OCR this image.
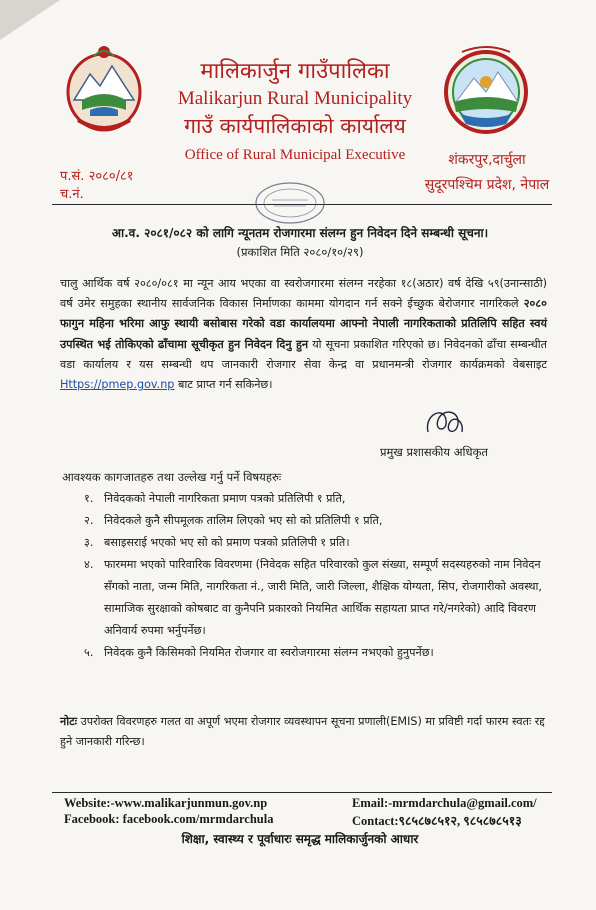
मालिकार्जुन गाउँपालिका
Malikarjun Rural Municipality
गाउँ कार्यपालिकाको कार्यालय
Office of Rural Municipal Executive
प.सं. २०८०/८१
च.नं.
शंकरपुर,दार्चुला
सुदूरपश्चिम प्रदेश, नेपाल
आ.व. २०८१/०८२ को लागि न्यूनतम रोजगारमा संलग्न हुन निवेदन दिने सम्बन्धी सूचना।
(प्रकाशित मिति २०८०/१०/२९)
चालु आर्थिक वर्ष २०८०/०८१ मा न्यून आय भएका वा स्वरोजगारमा संलग्न नरहेका १८(अठार) वर्ष देखि ५९(उनान्साठी) वर्ष उमेर समुहका स्थानीय सार्वजनिक विकास निर्माणका काममा योगदान गर्न सक्ने ईच्छुक बेरोजगार नागरिकले २०८० फागुन महिना भरिमा आफु स्थायी बसोबास गरेको वडा कार्यालयमा आफ्नो नेपाली नागरिकताको प्रतिलिपि सहित स्वयं उपस्थित भई तोकिएको ढाँचामा सूचीकृत हुन निवेदन दिनु हुन यो सूचना प्रकाशित गरिएको छ। निवेदनको ढाँचा सम्बन्धीत वडा कार्यालय र यस सम्बन्धी थप जानकारी रोजगार सेवा केन्द्र वा प्रधानमन्त्री रोजगार कार्यक्रमको वेबसाइट Https://pmep.gov.np बाट प्राप्त गर्न सकिनेछ।
प्रमुख प्रशासकीय अधिकृत
आवश्यक कागजातहरु तथा उल्लेख गर्नु पर्ने विषयहरुः
१. निवेदकको नेपाली नागरिकता प्रमाण पत्रको प्रतिलिपी १ प्रति,
२. निवेदकले कुनै सीपमूलक तालिम लिएको भए सो को प्रतिलिपी १ प्रति,
३. बसाइसराई भएको भए सो को प्रमाण पत्रको प्रतिलिपी १ प्रति।
४. फारममा भएको पारिवारिक विवरणमा (निवेदक सहित परिवारको कुल संख्या, सम्पूर्ण सदस्यहरुको नाम निवेदन सँगको नाता, जन्म मिति, नागरिकता नं., जारी मिति, जारी जिल्ला, शैक्षिक योग्यता, सिप, रोजगारीको अवस्था, सामाजिक सुरक्षाको कोषबाट वा कुनैपनि प्रकारको नियमित आर्थिक सहायता प्राप्त गरे/नगरेको) आदि विवरण अनिवार्य रुपमा भर्नुपर्नेछ।
५. निवेदक कुनै किसिमको नियमित रोजगार वा स्वरोजगारमा संलग्न नभएको हुनुपर्नेछ।
नोटः उपरोक्त विवरणहरु गलत वा अपूर्ण भएमा रोजगार व्यवस्थापन सूचना प्रणाली(EMIS) मा प्रविष्टी गर्दा फारम स्वतः रद्द हुने जानकारी गरिन्छ।
Website:-www.malikarjunmun.gov.np
Facebook: facebook.com/mrmdarchula
Email:-mrmdarchula@gmail.com/
Contact:९८५८७८५१२, ९८५८७८५१३
शिक्षा, स्वास्थ्य र पूर्वाधारः समृद्ध मालिकार्जुनको आधार
